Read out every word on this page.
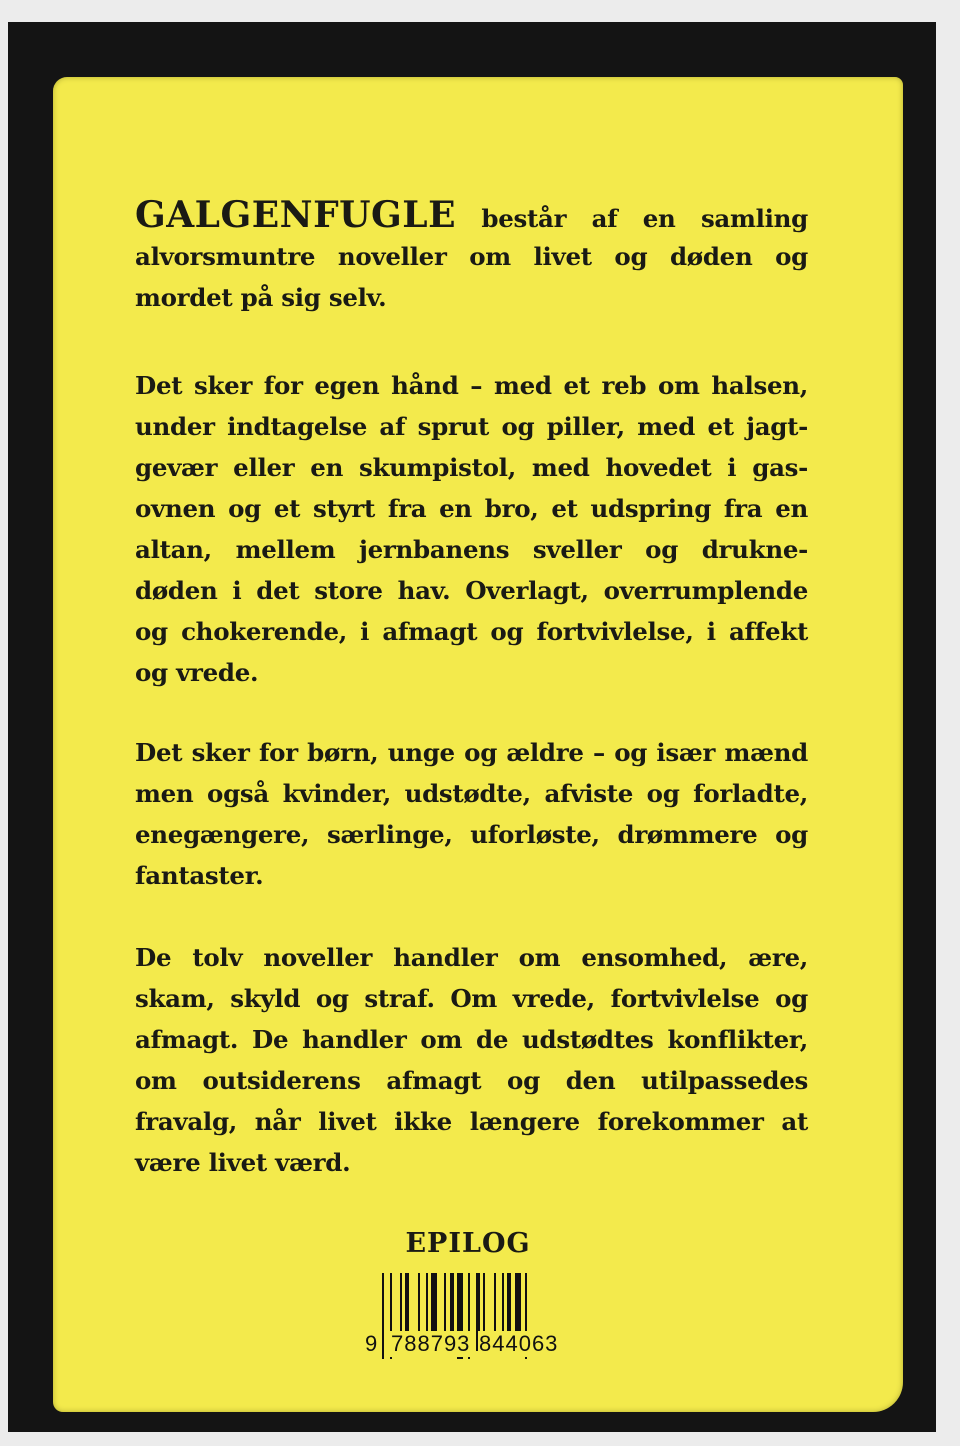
GALGENFUGLE består af en samling
alvorsmuntre noveller om livet og døden og
mordet på sig selv.
Det sker for egen hånd – med et reb om halsen,
under indtagelse af sprut og piller, med et jagt-
gevær eller en skumpistol, med hovedet i gas-
ovnen og et styrt fra en bro, et udspring fra en
altan, mellem jernbanens sveller og drukne-
døden i det store hav. Overlagt, overrumplende
og chokerende, i afmagt og fortvivlelse, i affekt
og vrede.
Det sker for børn, unge og ældre – og især mænd
men også kvinder, udstødte, afviste og forladte,
enegængere, særlinge, uforløste, drømmere og
fantaster.
De tolv noveller handler om ensomhed, ære,
skam, skyld og straf. Om vrede, fortvivlelse og
afmagt. De handler om de udstødtes konflikter,
om outsiderens afmagt og den utilpassedes
fravalg, når livet ikke længere forekommer at
være livet værd.
EPILOG
9 788793 844063
